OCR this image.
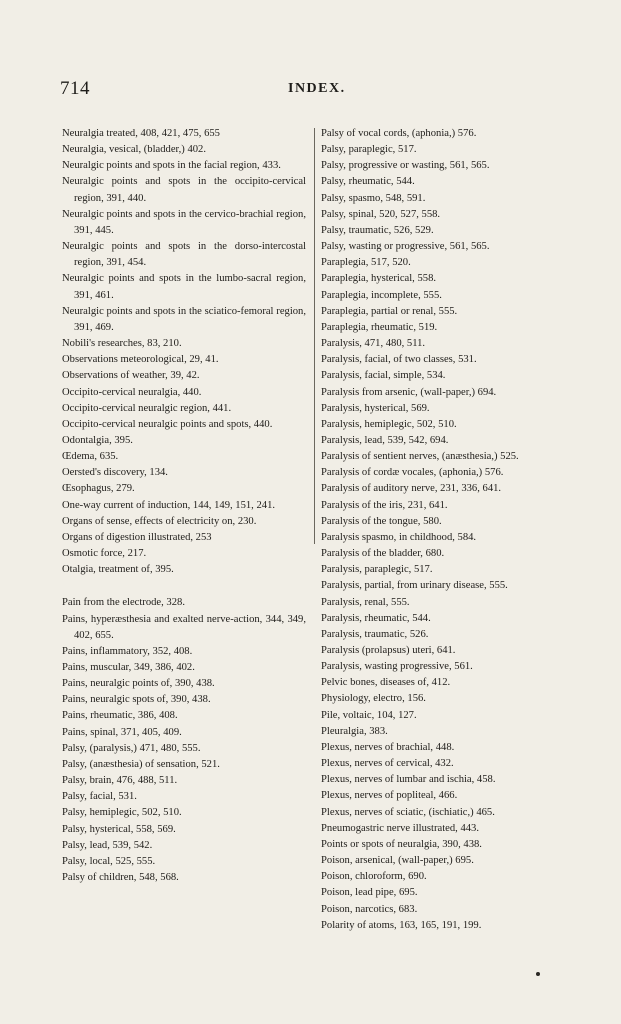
714	INDEX.
Neuralgia treated, 408, 421, 475, 655
Neuralgia, vesical, (bladder,) 402.
Neuralgic points and spots in the facial region, 433.
Neuralgic points and spots in the occipito-cervical region, 391, 440.
Neuralgic points and spots in the cervico-brachial region, 391, 445.
Neuralgic points and spots in the dorso-intercostal region, 391, 454.
Neuralgic points and spots in the lumbo-sacral region, 391, 461.
Neuralgic points and spots in the sciatico-femoral region, 391, 469.
Nobili's researches, 83, 210.
Observations meteorological, 29, 41.
Observations of weather, 39, 42.
Occipito-cervical neuralgia, 440.
Occipito-cervical neuralgic region, 441.
Occipito-cervical neuralgic points and spots, 440.
Odontalgia, 395.
Œdema, 635.
Oersted's discovery, 134.
Œsophagus, 279.
One-way current of induction, 144, 149, 151, 241.
Organs of sense, effects of electricity on, 230.
Organs of digestion illustrated, 253
Osmotic force, 217.
Otalgia, treatment of, 395.
Pain from the electrode, 328.
Pains, hyperæsthesia and exalted nerve-action, 344, 349, 402, 655.
Pains, inflammatory, 352, 408.
Pains, muscular, 349, 386, 402.
Pains, neuralgic points of, 390, 438.
Pains, neuralgic spots of, 390, 438.
Pains, rheumatic, 386, 408.
Pains, spinal, 371, 405, 409.
Palsy, (paralysis,) 471, 480, 555.
Palsy, (anæsthesia) of sensation, 521.
Palsy, brain, 476, 488, 511.
Palsy, facial, 531.
Palsy, hemiplegic, 502, 510.
Palsy, hysterical, 558, 569.
Palsy, lead, 539, 542.
Palsy, local, 525, 555.
Palsy of children, 548, 568.
Palsy of vocal cords, (aphonia,) 576.
Palsy, paraplegic, 517.
Palsy, progressive or wasting, 561, 565.
Palsy, rheumatic, 544.
Palsy, spasmo, 548, 591.
Palsy, spinal, 520, 527, 558.
Palsy, traumatic, 526, 529.
Palsy, wasting or progressive, 561, 565.
Paraplegia, 517, 520.
Paraplegia, hysterical, 558.
Paraplegia, incomplete, 555.
Paraplegia, partial or renal, 555.
Paraplegia, rheumatic, 519.
Paralysis, 471, 480, 511.
Paralysis, facial, of two classes, 531.
Paralysis, facial, simple, 534.
Paralysis from arsenic, (wall-paper,) 694.
Paralysis, hysterical, 569.
Paralysis, hemiplegic, 502, 510.
Paralysis, lead, 539, 542, 694.
Paralysis of sentient nerves, (anæsthesia,) 525.
Paralysis of cordæ vocales, (aphonia,) 576.
Paralysis of auditory nerve, 231, 336, 641.
Paralysis of the iris, 231, 641.
Paralysis of the tongue, 580.
Paralysis spasmo, in childhood, 584.
Paralysis of the bladder, 680.
Paralysis, paraplegic, 517.
Paralysis, partial, from urinary disease, 555.
Paralysis, renal, 555.
Paralysis, rheumatic, 544.
Paralysis, traumatic, 526.
Paralysis (prolapsus) uteri, 641.
Paralysis, wasting progressive, 561.
Pelvic bones, diseases of, 412.
Physiology, electro, 156.
Pile, voltaic, 104, 127.
Pleuralgia, 383.
Plexus, nerves of brachial, 448.
Plexus, nerves of cervical, 432.
Plexus, nerves of lumbar and ischia, 458.
Plexus, nerves of popliteal, 466.
Plexus, nerves of sciatic, (ischiatic,) 465.
Pneumogastric nerve illustrated, 443.
Points or spots of neuralgia, 390, 438.
Poison, arsenical, (wall-paper,) 695.
Poison, chloroform, 690.
Poison, lead pipe, 695.
Poison, narcotics, 683.
Polarity of atoms, 163, 165, 191, 199.
